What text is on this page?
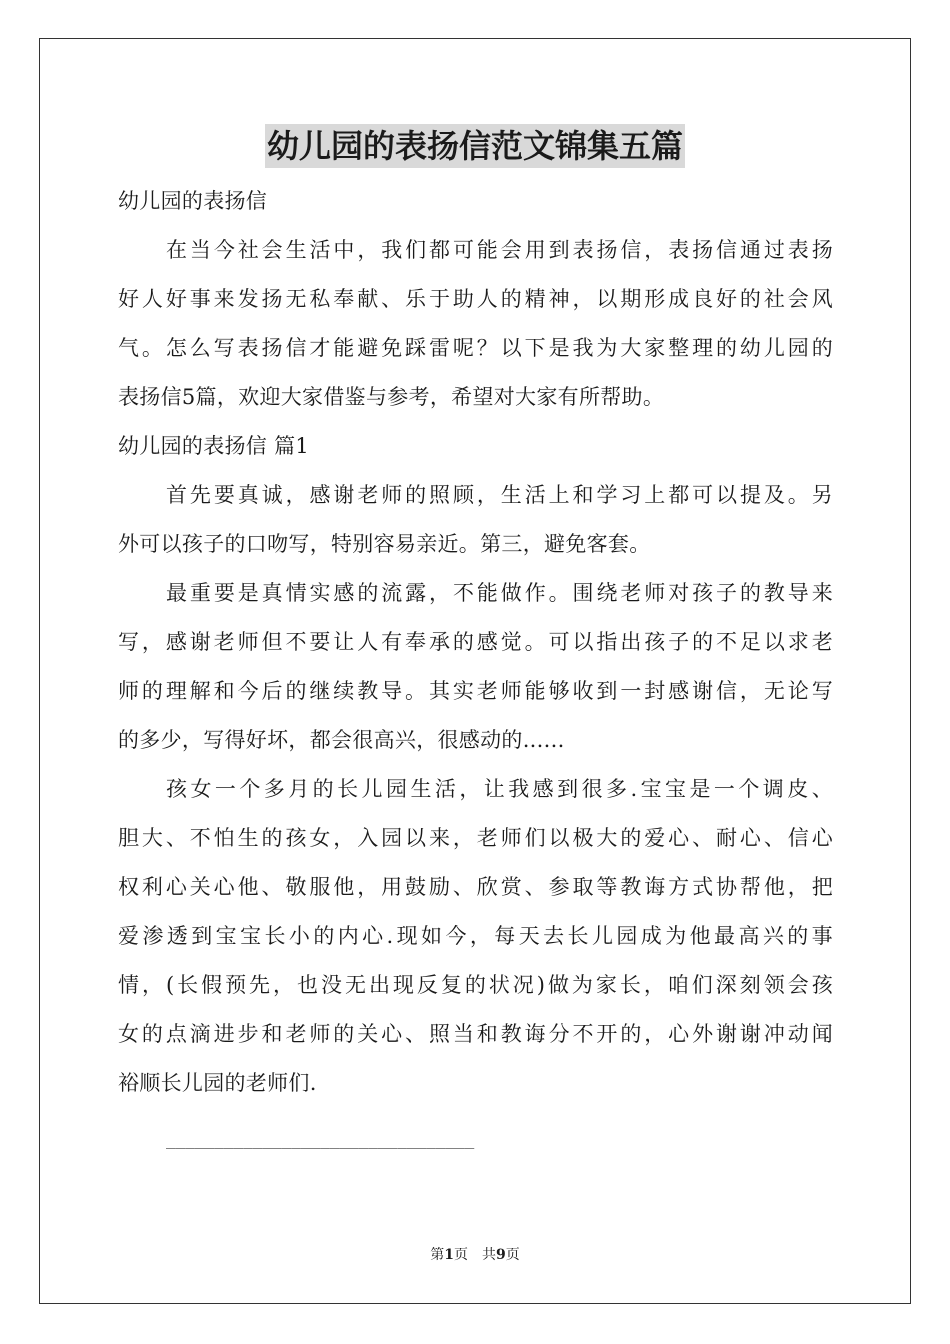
幼儿园的表扬信范文锦集五篇
幼儿园的表扬信
在当今社会生活中，我们都可能会用到表扬信，表扬信通过表扬
好人好事来发扬无私奉献、乐于助人的精神，以期形成良好的社会风
气。怎么写表扬信才能避免踩雷呢？以下是我为大家整理的幼儿园的
表扬信5篇，欢迎大家借鉴与参考，希望对大家有所帮助。
幼儿园的表扬信 篇1
首先要真诚，感谢老师的照顾，生活上和学习上都可以提及。另
外可以孩子的口吻写，特别容易亲近。第三，避免客套。
最重要是真情实感的流露，不能做作。围绕老师对孩子的教导来
写，感谢老师但不要让人有奉承的感觉。可以指出孩子的不足以求老
师的理解和今后的继续教导。其实老师能够收到一封感谢信，无论写
的多少，写得好坏，都会很高兴，很感动的......
孩女一个多月的长儿园生活，让我感到很多.宝宝是一个调皮、
胆大、不怕生的孩女，入园以来，老师们以极大的爱心、耐心、信心
权利心关心他、敬服他，用鼓励、欣赏、参取等教诲方式协帮他，把
爱渗透到宝宝长小的内心.现如今，每天去长儿园成为他最高兴的事
情，(长假预先，也没无出现反复的状况)做为家长，咱们深刻领会孩
女的点滴进步和老师的关心、照当和教诲分不开的，心外谢谢冲动闻
裕顺长儿园的老师们.
________________________________
第1页　共9页
